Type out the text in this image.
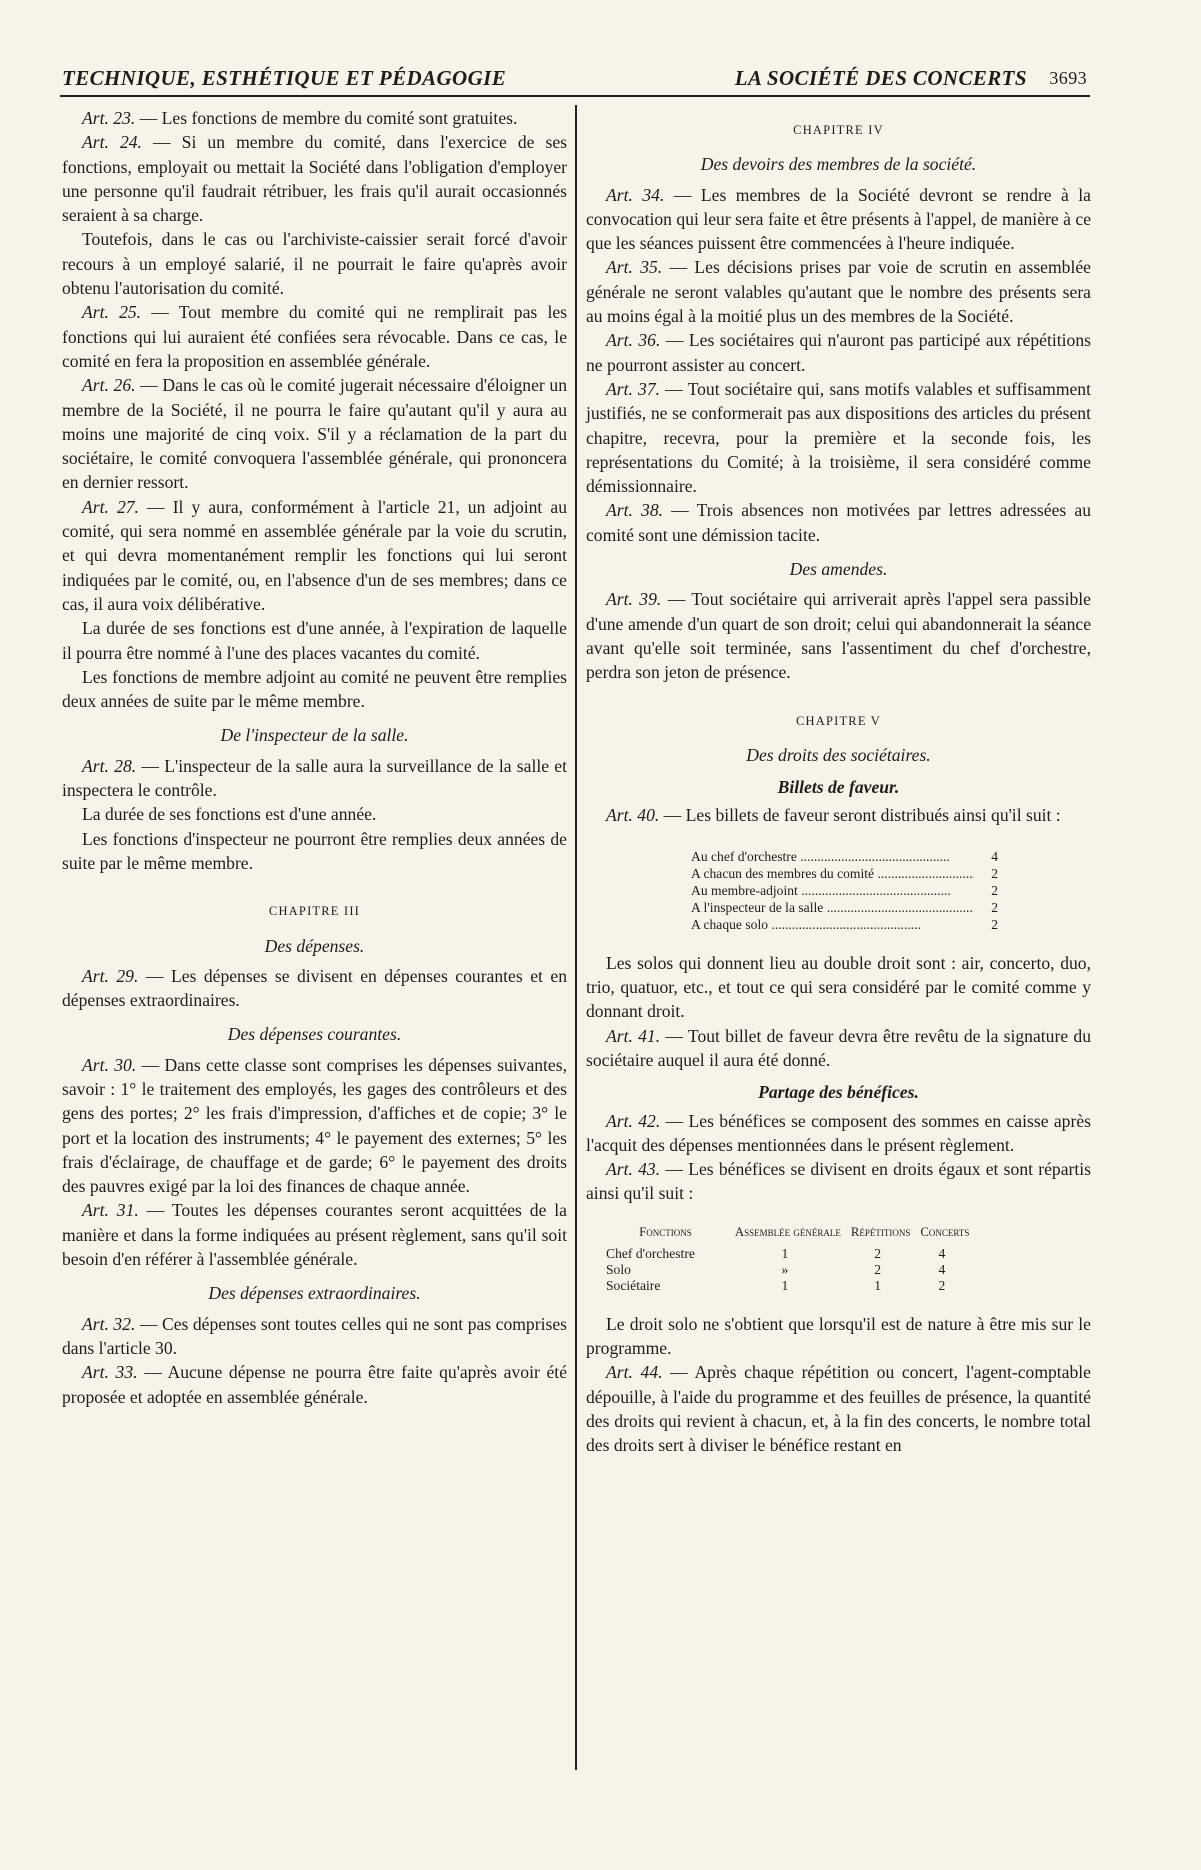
TECHNIQUE, ESTHÉTIQUE ET PÉDAGOGIE	LA SOCIÉTÉ DES CONCERTS 3693

Art. 23. — Les fonctions de membre du comité sont gratuites.

Art. 24. — Si un membre du comité, dans l'exercice de ses fonctions, employait ou mettait la Société dans l'obligation d'employer une personne qu'il faudrait rétribuer, les frais qu'il aurait occasionnés seraient à sa charge.

Toutefois, dans le cas ou l'archiviste-caissier serait forcé d'avoir recours à un employé salarié, il ne pourrait le faire qu'après avoir obtenu l'autorisation du comité.

Art. 25. — Tout membre du comité qui ne remplirait pas les fonctions qui lui auraient été confiées sera révocable. Dans ce cas, le comité en fera la proposition en assemblée générale.

Art. 26. — Dans le cas où le comité jugerait nécessaire d'éloigner un membre de la Société, il ne pourra le faire qu'autant qu'il y aura au moins une majorité de cinq voix. S'il y a réclamation de la part du sociétaire, le comité convoquera l'assemblée générale, qui prononcera en dernier ressort.

Art. 27. — Il y aura, conformément à l'article 21, un adjoint au comité, qui sera nommé en assemblée générale par la voie du scrutin, et qui devra momentanément remplir les fonctions qui lui seront indiquées par le comité, ou, en l'absence d'un de ses membres; dans ce cas, il aura voix délibérative.

La durée de ses fonctions est d'une année, à l'expiration de laquelle il pourra être nommé à l'une des places vacantes du comité.

Les fonctions de membre adjoint au comité ne peuvent être remplies deux années de suite par le même membre.

De l'inspecteur de la salle.

Art. 28. — L'inspecteur de la salle aura la surveillance de la salle et inspectera le contrôle.

La durée de ses fonctions est d'une année.

Les fonctions d'inspecteur ne pourront être remplies deux années de suite par le même membre.

CHAPITRE III

Des dépenses.

Art. 29. — Les dépenses se divisent en dépenses courantes et en dépenses extraordinaires.

Des dépenses courantes.

Art. 30. — Dans cette classe sont comprises les dépenses suivantes, savoir : 1° le traitement des employés, les gages des contrôleurs et des gens des portes; 2° les frais d'impression, d'affiches et de copie; 3° le port et la location des instruments; 4° le payement des externes; 5° les frais d'éclairage, de chauffage et de garde; 6° le payement des droits des pauvres exigé par la loi des finances de chaque année.

Art. 31. — Toutes les dépenses courantes seront acquittées de la manière et dans la forme indiquées au présent règlement, sans qu'il soit besoin d'en référer à l'assemblée générale.

Des dépenses extraordinaires.

Art. 32. — Ces dépenses sont toutes celles qui ne sont pas comprises dans l'article 30.

Art. 33. — Aucune dépense ne pourra être faite qu'après avoir été proposée et adoptée en assemblée générale.

CHAPITRE IV

Des devoirs des membres de la société.

Art. 34. — Les membres de la Société devront se rendre à la convocation qui leur sera faite et être présents à l'appel, de manière à ce que les séances puissent être commencées à l'heure indiquée.

Art. 35. — Les décisions prises par voie de scrutin en assemblée générale ne seront valables qu'autant que le nombre des présents sera au moins égal à la moitié plus un des membres de la Société.

Art. 36. — Les sociétaires qui n'auront pas participé aux répétitions ne pourront assister au concert.

Art. 37. — Tout sociétaire qui, sans motifs valables et suffisamment justifiés, ne se conformerait pas aux dispositions des articles du présent chapitre, recevra, pour la première et la seconde fois, les représentations du Comité; à la troisième, il sera considéré comme démissionnaire.

Art. 38. — Trois absences non motivées par lettres adressées au comité sont une démission tacite.

Des amendes.

Art. 39. — Tout sociétaire qui arriverait après l'appel sera passible d'une amende d'un quart de son droit; celui qui abandonnerait la séance avant qu'elle soit terminée, sans l'assentiment du chef d'orchestre, perdra son jeton de présence.

CHAPITRE V

Des droits des sociétaires.

Billets de faveur.

Art. 40. — Les billets de faveur seront distribués ainsi qu'il suit :

Au chef d'orchestre .....	4
A chacun des membres du comité .....	2
Au membre-adjoint .....	2
A l'inspecteur de la salle .....	2
A chaque solo .....	2

Les solos qui donnent lieu au double droit sont : air, concerto, duo, trio, quatuor, etc., et tout ce qui sera considéré par le comité comme y donnant droit.

Art. 41. — Tout billet de faveur devra être revêtu de la signature du sociétaire auquel il aura été donné.

Partage des bénéfices.

Art. 42. — Les bénéfices se composent des sommes en caisse après l'acquit des dépenses mentionnées dans le présent règlement.

Art. 43. — Les bénéfices se divisent en droits égaux et sont répartis ainsi qu'il suit :

Fonctions	Assemblée générale	Répétitions	Concerts
Chef d'orchestre	1	2	4
Solo	»	2	4
Sociétaire	1	1	2

Le droit solo ne s'obtient que lorsqu'il est de nature à être mis sur le programme.

Art. 44. — Après chaque répétition ou concert, l'agent-comptable dépouille, à l'aide du programme et des feuilles de présence, la quantité des droits qui revient à chacun, et, à la fin des concerts, le nombre total des droits sert à diviser le bénéfice restant en
